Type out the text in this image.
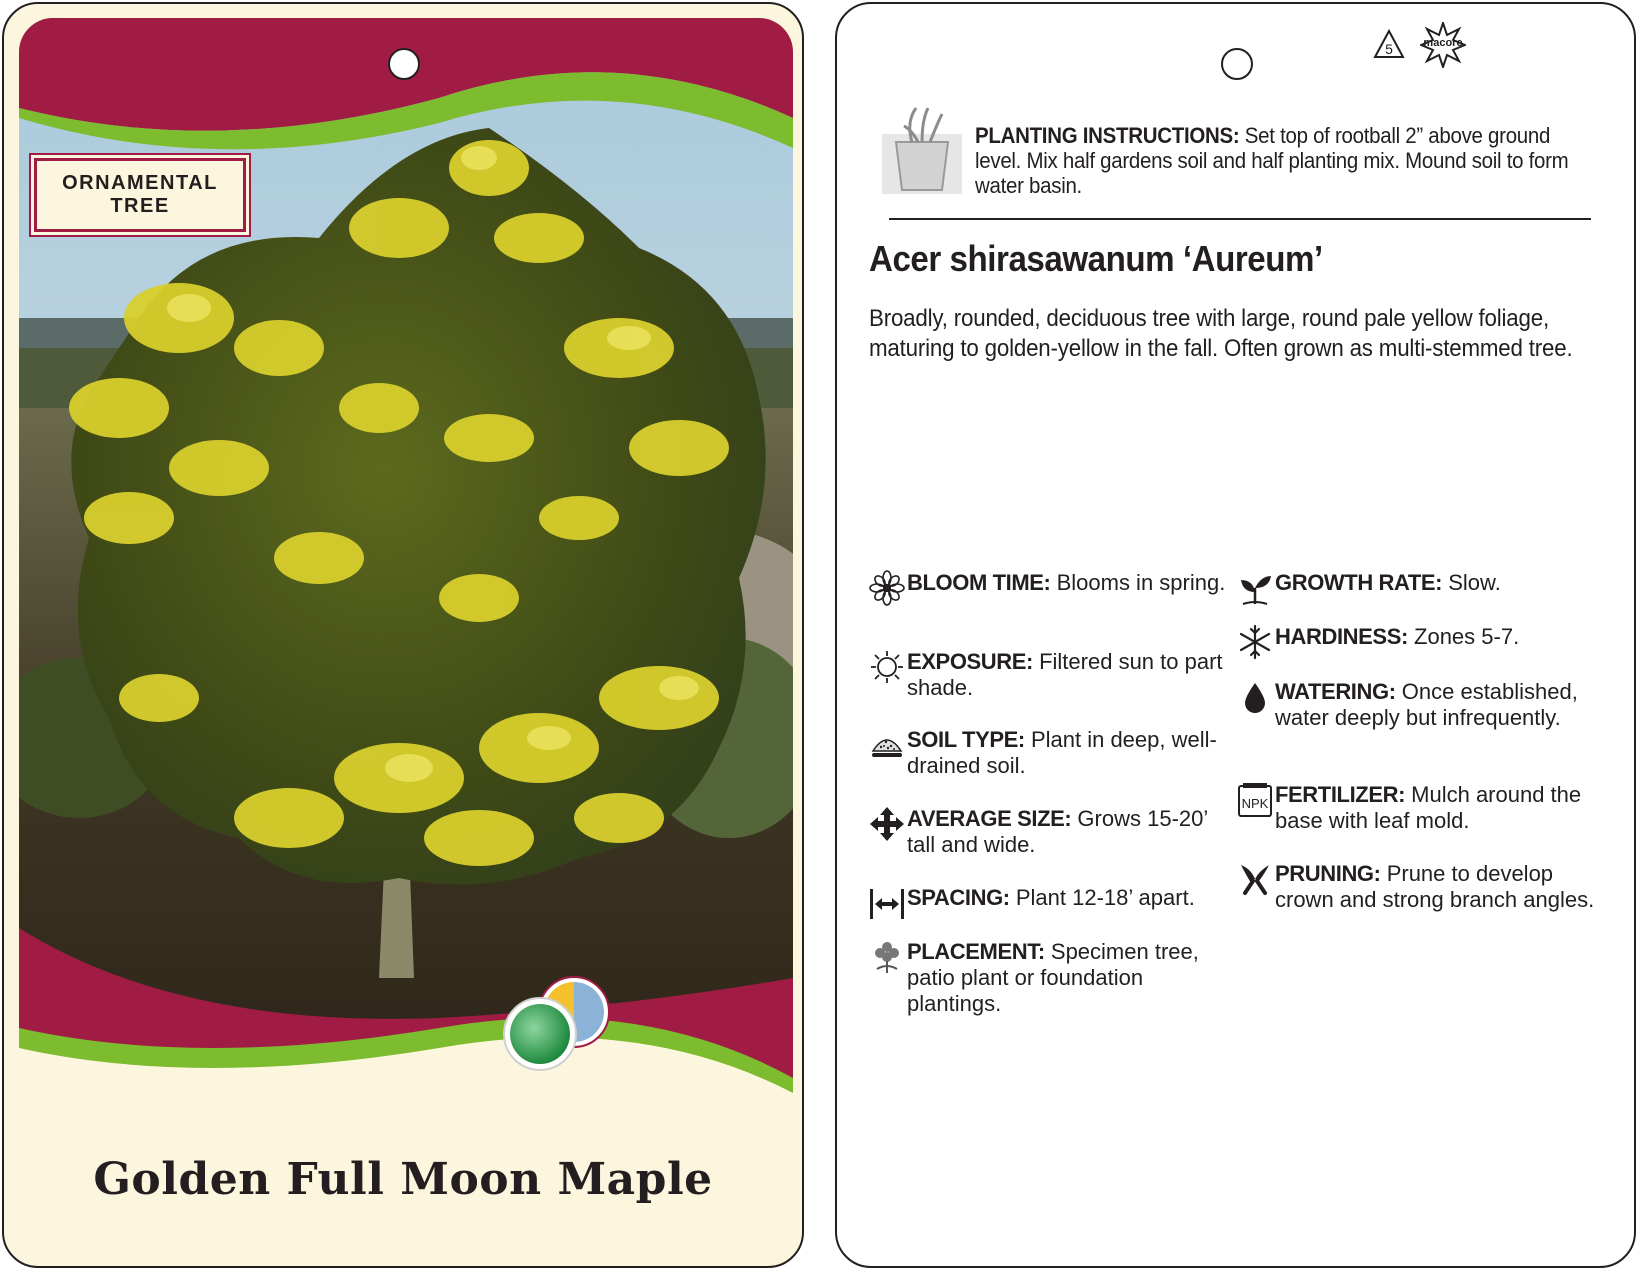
ORNAMENTAL
TREE
Golden Full Moon Maple
5	macore

PLANTING INSTRUCTIONS: Set top of rootball 2” above ground level. Mix half gardens soil and half planting mix. Mound soil to form water basin.

Acer shirasawanum ‘Aureum’
Broadly, rounded, deciduous tree with large, round pale yellow foliage, maturing to golden-yellow in the fall. Often grown as multi-stemmed tree.
BLOOM TIME: Blooms in spring.
EXPOSURE: Filtered sun to part shade.
SOIL TYPE: Plant in deep, well-drained soil.
AVERAGE SIZE: Grows 15-20’ tall and wide.
SPACING: Plant 12-18’ apart.
PLACEMENT: Specimen tree, patio plant or foundation plantings.
GROWTH RATE: Slow.
HARDINESS: Zones 5-7.
WATERING: Once established, water deeply but infrequently.
NPK FERTILIZER: Mulch around the base with leaf mold.
PRUNING: Prune to develop crown and strong branch angles.
